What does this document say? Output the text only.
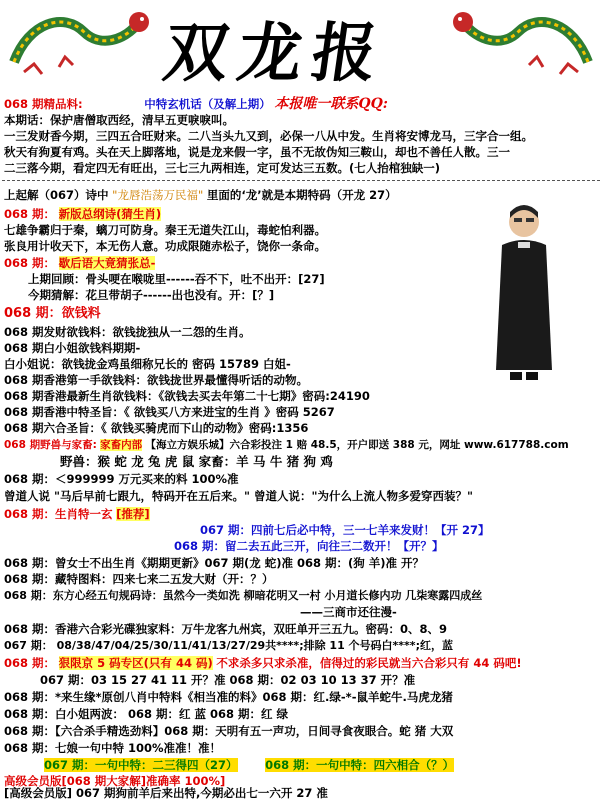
双龙报
068 期精品料:	中特玄机话（及解上期） 本报唯一联系QQ:
本期话：保护唐僧取西经，清早五更唳唳叫。
一三发财香今期，三四五合旺财来。二八当头九又到，必保一八从中发。生肖将安博龙马，三字合一组。
秋天有狗夏有鸡。头在天上脚落地，说是龙来假一字，虽不无故伪知三鞍山，却也不善任人散。三一
二三落今期，看定四无有旺出，三七三九两相连，定可发达三五数。(七人抬棺独缺一)
上起解（067）诗中 "龙唇浩荡万民福" 里面的‘龙’就是本期特码（开龙 27）
068 期： 新版总纲诗(猜生肖)
七雄争霸归于秦，螭刀可防身。秦王无道失江山，毒蛇怕利器。
张良用计收天下，本无伤人意。功成限随赤松子，饶你一条命。
068 期： 歇后语大竟猜张总-
上期回顾：骨头哽在喉咙里------吞不下，吐不出开：[27]
今期猜解：花旦带胡子------出也没有。开：[？]
068 期：欲钱料
068 期发财欲钱料：欲钱拢独从一二怨的生肖。
068 期白小姐欲钱料期期-
白小姐说：欲钱拢金鸡虽细称兄长的 密码 15789 白姐-
068 期香港第一手欲钱料：欲钱拢世界最懂得听话的动物。
068 期香港最新生肖欲钱料：《欲钱去买去年第二十七期》密码:24190
068 期香港中特圣旨：《 欲钱买八方来进宝的生肖 》密码 5267
068 期六合圣旨：《 欲钱买骑虎而下山的动物》密码:1356
068 期野兽与家畜: 家畜内部 【海立方娱乐城】六合彩投注 1 赔 48.5，开户即送 388 元，网址 www.617788.com
野兽：猴 蛇 龙 兔 虎 鼠 家畜：羊 马 牛 猪 狗 鸡
068 期：＜999999 万元买来的料 100%准
曾道人说 "马后早前七跟九，特码开在五后来。" 曾道人说："为什么上流人物多爱穿西装？"
068 期：生肖特一玄 [推荐]
067 期：四前七后必中特，三一七羊来发财！【开 27】
068 期：留二去五此三开，向往三二数开！【开？】
068 期：曾女士不出生肖《期期更新》067 期(龙 蛇)准 068 期：(狗 羊)准 开？
068 期：藏特图料：四来七来二五发大财（开：？）
068 期：东方心经五句规码诗：虽然今一类如洗 柳暗花明又一村 小月道长修内功 几柒寒露四成丝
——三商市还往漫-
068 期：香港六合彩光碟独家料：万牛龙客九州宾，双旺单开三五九。密码：0、8、9
067 期： 08/38/47/04/25/30/11/41/13/27/29共****;排除 11 个号码白****;红，蓝
068 期： 狠限京 5 码专区(只有 44 码) 不求杀多只求杀准，信得过的彩民就当六合彩只有 44 码吧!
067 期：03 15 27 41 11 开？准 068 期：02 03 10 13 37 开？准
068 期：*来生缘*原创八肖中特料《相当准的料》068 期：红.绿-*-鼠羊蛇牛.马虎龙猪
068 期：白小姐两波： 068 期：红 蓝 068 期：红 绿
068 期：【六合杀手精选劲料】068 期：天明有五一声功，日间寻食夜眼合。蛇 猪 大双
068 期：七娘一句中特 100%准准！准！
067 期：一句中特：二三得四（27） 068 期：一句中特：四六相合（？）
高级会员版[068 期大家解]准确率 100%]
[高级会员版] 067 期狗前羊后来出特,今期必出七一六开 27 准
